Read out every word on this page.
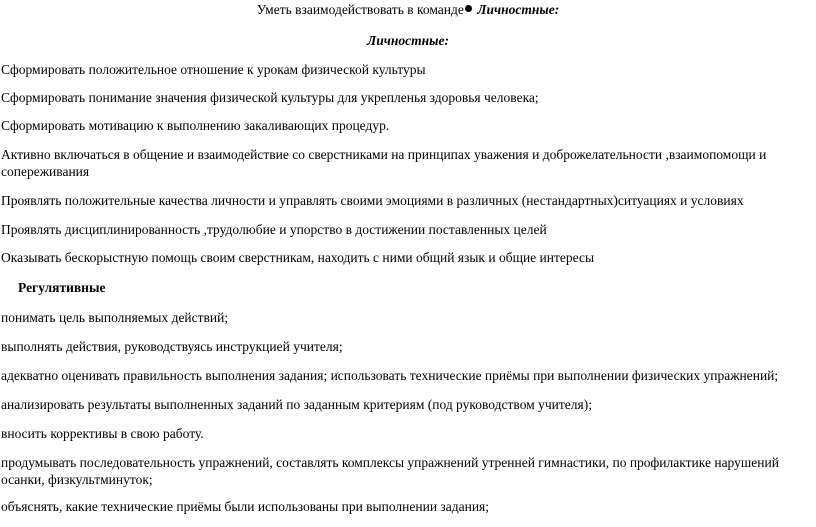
Уметь взаимодействовать в команде Личностные:
Личностные:
Сформировать положительное отношение к урокам физической культуры
Сформировать понимание значения физической культуры для укрепленья здоровья человека;
Сформировать мотивацию к выполнению закаливающих процедур.
Активно включаться в общение и взаимодействие со сверстниками на принципах уважения и доброжелательности ,взаимопомощи и сопереживания
Проявлять положительные качества личности и управлять своими эмоциями в различных (нестандартных)ситуациях и условиях
Проявлять дисциплинированность ,трудолюбие и упорство в достижении поставленных целей
Оказывать бескорыстную помощь своим сверстникам, находить с ними общий язык и общие интересы
Регулятивные
понимать цель выполняемых действий;
выполнять действия, руководствуясь инструкцией учителя;
адекватно оценивать правильность выполнения задания; использовать технические приёмы при выполнении физических упражнений;
анализировать результаты выполненных заданий по заданным критериям (под руководством учителя);
вносить коррективы в свою работу.
продумывать последовательность упражнений, составлять комплексы упражнений утренней гимнастики, по профилактике нарушений осанки, физкультминуток;
объяснять, какие технические приёмы были использованы при выполнении задания;
